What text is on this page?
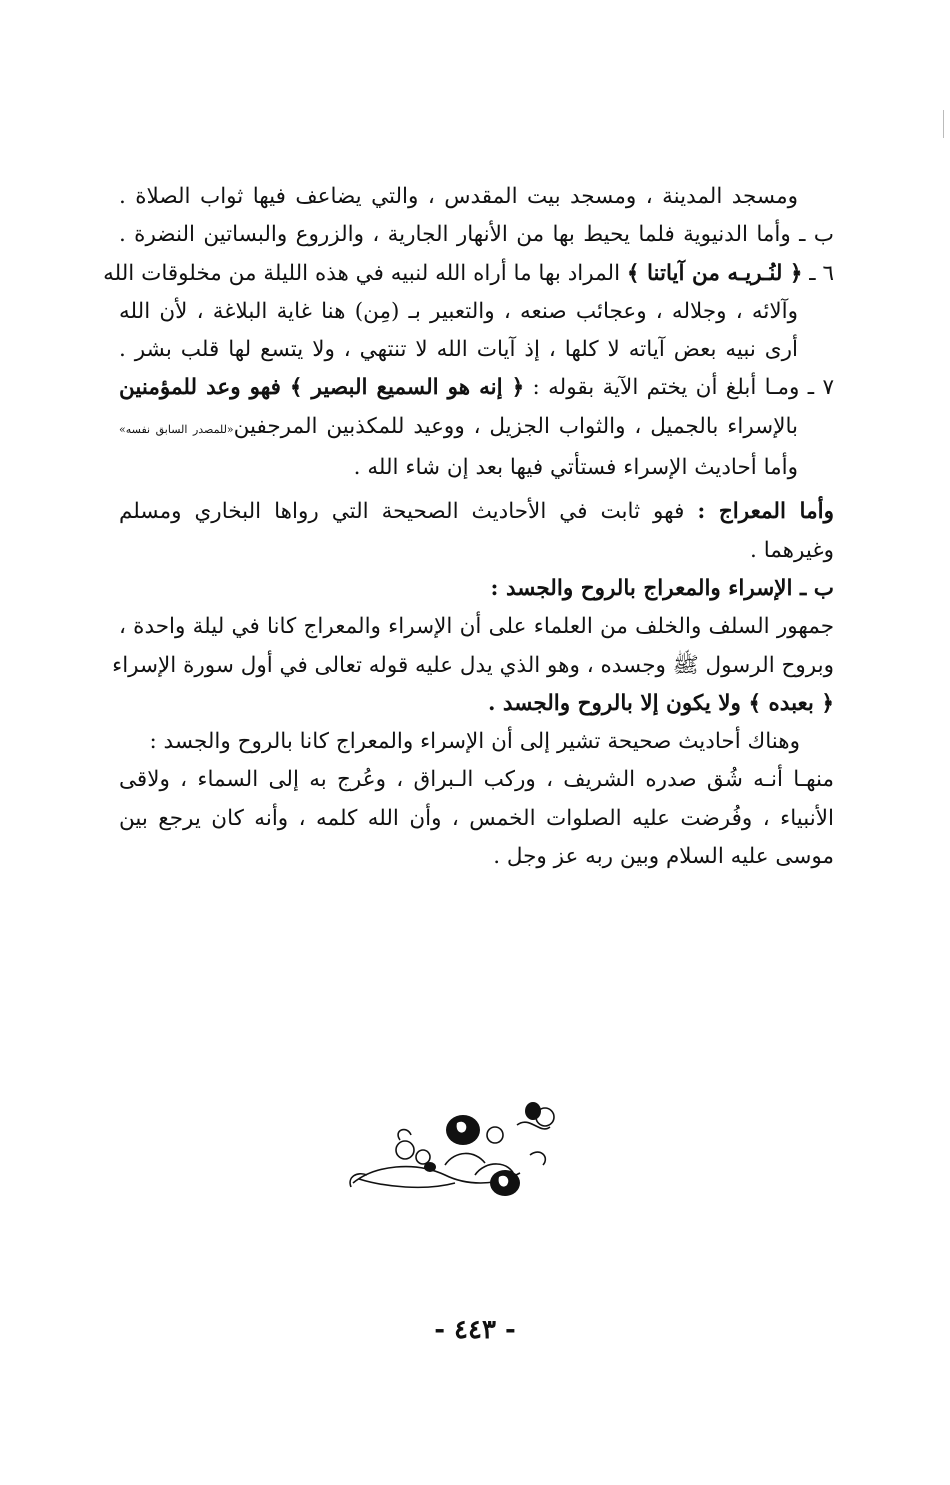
ومسجد المدينة ، ومسجد بيت المقدس ، والتي يضاعف فيها ثواب الصلاة .
ب ـ وأما الدنيوية فلما يحيط بها من الأنهار الجارية ، والزروع والبساتين النضرة .
٦ ـ ﴿ لنُـريـه من آياتنا ﴾ المراد بها ما أراه الله لنبيه في هذه الليلة من مخلوقات الله
وآلائه ، وجلاله ، وعجائب صنعه ، والتعبير بـ (مِن) هنا غاية البلاغة ، لأن الله
أرى نبيه بعض آياته لا كلها ، إذ آيات الله لا تنتهي ، ولا يتسع لها قلب بشر .
٧ ـ ومـا أبلغ أن يختم الآية بقوله : ﴿ إنه هو السميع البصير ﴾ فهو وعد للمؤمنين
بالإسراء بالجميل ، والثواب الجزيل ، ووعيد للمكذبين المرجفين«للمصدر السابق نفسه»
وأما أحاديث الإسراء فستأتي فيها بعد إن شاء الله .
وأما المعراج : فهو ثابت في الأحاديث الصحيحة التي رواها البخاري ومسلم
وغيرهما .
ب ـ الإسراء والمعراج بالروح والجسد :
جمهور السلف والخلف من العلماء على أن الإسراء والمعراج كانا في ليلة واحدة ،
وبروح الرسول ﷺ وجسده ، وهو الذي يدل عليه قوله تعالى في أول سورة الإسراء
﴿ بعبده ﴾ ولا يكون إلا بالروح والجسد .
وهناك أحاديث صحيحة تشير إلى أن الإسراء والمعراج كانا بالروح والجسد :
منهـا أنـه شُق صدره الشريف ، وركب الـبراق ، وعُرج به إلى السماء ، ولاقى
الأنبياء ، وفُرضت عليه الصلوات الخمس ، وأن الله كلمه ، وأنه كان يرجع بين
موسى عليه السلام وبين ربه عز وجل .
- ٤٤٣ -
